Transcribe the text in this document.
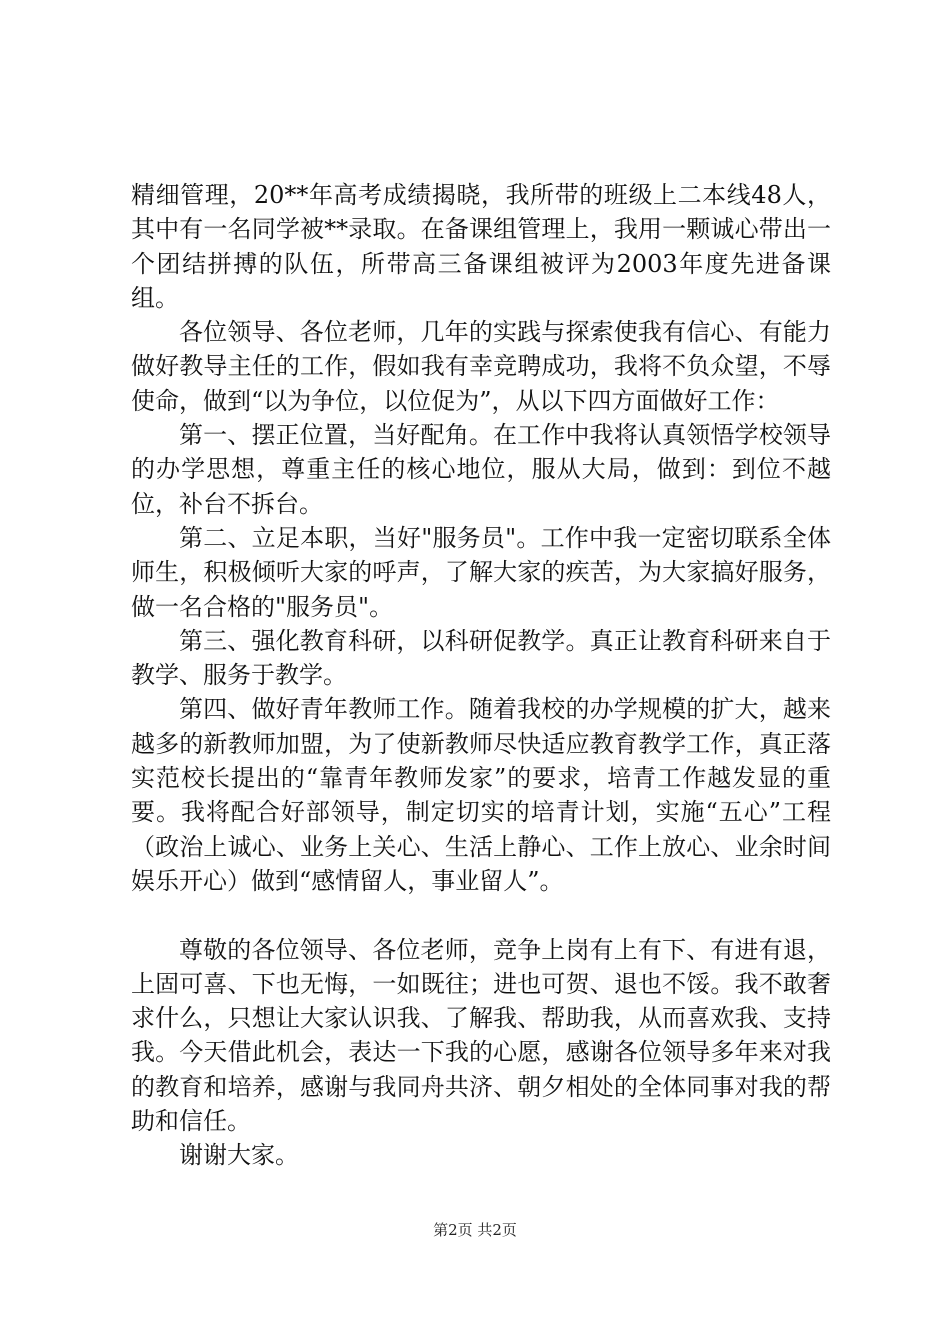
精细管理，20**年高考成绩揭晓，我所带的班级上二本线48人，其中有一名同学被**录取。在备课组管理上，我用一颗诚心带出一个团结拼搏的队伍，所带高三备课组被评为2003年度先进备课组。

各位领导、各位老师，几年的实践与探索使我有信心、有能力做好教导主任的工作，假如我有幸竞聘成功，我将不负众望，不辱使命，做到“以为争位，以位促为”，从以下四方面做好工作：

第一、摆正位置，当好配角。在工作中我将认真领悟学校领导的办学思想，尊重主任的核心地位，服从大局，做到：到位不越位，补台不拆台。

第二、立足本职，当好"服务员"。工作中我一定密切联系全体师生，积极倾听大家的呼声，了解大家的疾苦，为大家搞好服务，做一名合格的"服务员"。

第三、强化教育科研，以科研促教学。真正让教育科研来自于教学、服务于教学。

第四、做好青年教师工作。随着我校的办学规模的扩大，越来越多的新教师加盟，为了使新教师尽快适应教育教学工作，真正落实范校长提出的“靠青年教师发家”的要求，培青工作越发显的重要。我将配合好部领导，制定切实的培青计划，实施“五心”工程（政治上诚心、业务上关心、生活上静心、工作上放心、业余时间娱乐开心）做到“感情留人，事业留人”。

尊敬的各位领导、各位老师，竞争上岗有上有下、有进有退，上固可喜、下也无悔，一如既往；进也可贺、退也不馁。我不敢奢求什么，只想让大家认识我、了解我、帮助我，从而喜欢我、支持我。今天借此机会，表达一下我的心愿，感谢各位领导多年来对我的教育和培养，感谢与我同舟共济、朝夕相处的全体同事对我的帮助和信任。

谢谢大家。

第2页 共2页
